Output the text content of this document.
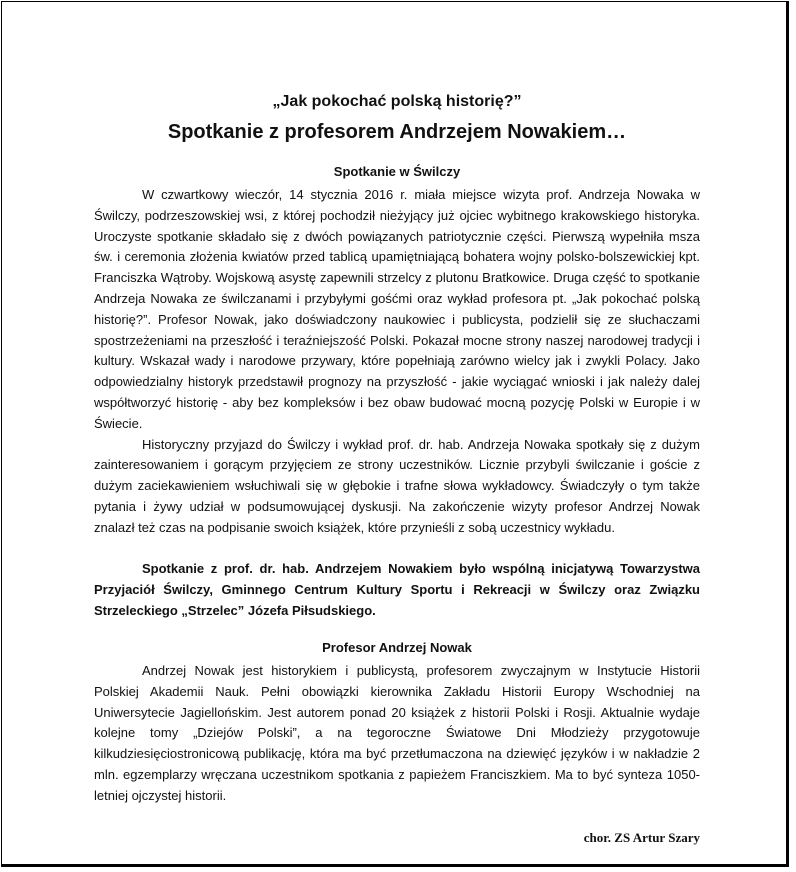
„Jak pokochać polską historię?”
Spotkanie z profesorem Andrzejem Nowakiem…
Spotkanie w Świlczy

W czwartkowy wieczór, 14 stycznia 2016 r. miała miejsce wizyta prof. Andrzeja Nowaka w Świlczy, podrzeszowskiej wsi, z której pochodził nieżyjący już ojciec wybitnego krakowskiego historyka. Uroczyste spotkanie składało się z dwóch powiązanych patriotycznie części. Pierwszą wypełniła msza św. i ceremonia złożenia kwiatów przed tablicą upamiętniającą bohatera wojny polsko-bolszewickiej kpt. Franciszka Wątroby. Wojskową asystę zapewnili strzelcy z plutonu Bratkowice. Druga część to spotkanie Andrzeja Nowaka ze świlczanami i przybyłymi gośćmi oraz wykład profesora pt. „Jak pokochać polską historię?”. Profesor Nowak, jako doświadczony naukowiec i publicysta, podzielił się ze słuchaczami spostrzeżeniami na przeszłość i teraźniejszość Polski. Pokazał mocne strony naszej narodowej tradycji i kultury. Wskazał wady i narodowe przywary, które popełniają zarówno wielcy jak i zwykli Polacy. Jako odpowiedzialny historyk przedstawił prognozy na przyszłość - jakie wyciągać wnioski i jak należy dalej współtworzyć historię - aby bez kompleksów i bez obaw budować mocną pozycję Polski w Europie i w Świecie.

Historyczny przyjazd do Świlczy i wykład prof. dr. hab. Andrzeja Nowaka spotkały się z dużym zainteresowaniem i gorącym przyjęciem ze strony uczestników. Licznie przybyli świlczanie i goście z dużym zaciekawieniem wsłuchiwali się w głębokie i trafne słowa wykładowcy. Świadczyły o tym także pytania i żywy udział w podsumowującej dyskusji. Na zakończenie wizyty profesor Andrzej Nowak znalazł też czas na podpisanie swoich książek, które przynieśli z sobą uczestnicy wykładu.

Spotkanie z prof. dr. hab. Andrzejem Nowakiem było wspólną inicjatywą Towarzystwa Przyjaciół Świlczy, Gminnego Centrum Kultury Sportu i Rekreacji w Świlczy oraz Związku Strzeleckiego „Strzelec” Józefa Piłsudskiego.

Profesor Andrzej Nowak

Andrzej Nowak jest historykiem i publicystą, profesorem zwyczajnym w Instytucie Historii Polskiej Akademii Nauk. Pełni obowiązki kierownika Zakładu Historii Europy Wschodniej na Uniwersytecie Jagiellońskim. Jest autorem ponad 20 książek z historii Polski i Rosji. Aktualnie wydaje kolejne tomy „Dziejów Polski”, a na tegoroczne Światowe Dni Młodzieży przygotowuje kilkudziesięciostronicową publikację, która ma być przetłumaczona na dziewięć języków i w nakładzie 2 mln. egzemplarzy wręczana uczestnikom spotkania z papieżem Franciszkiem. Ma to być synteza 1050-letniej ojczystej historii.

chor. ZS Artur Szary
